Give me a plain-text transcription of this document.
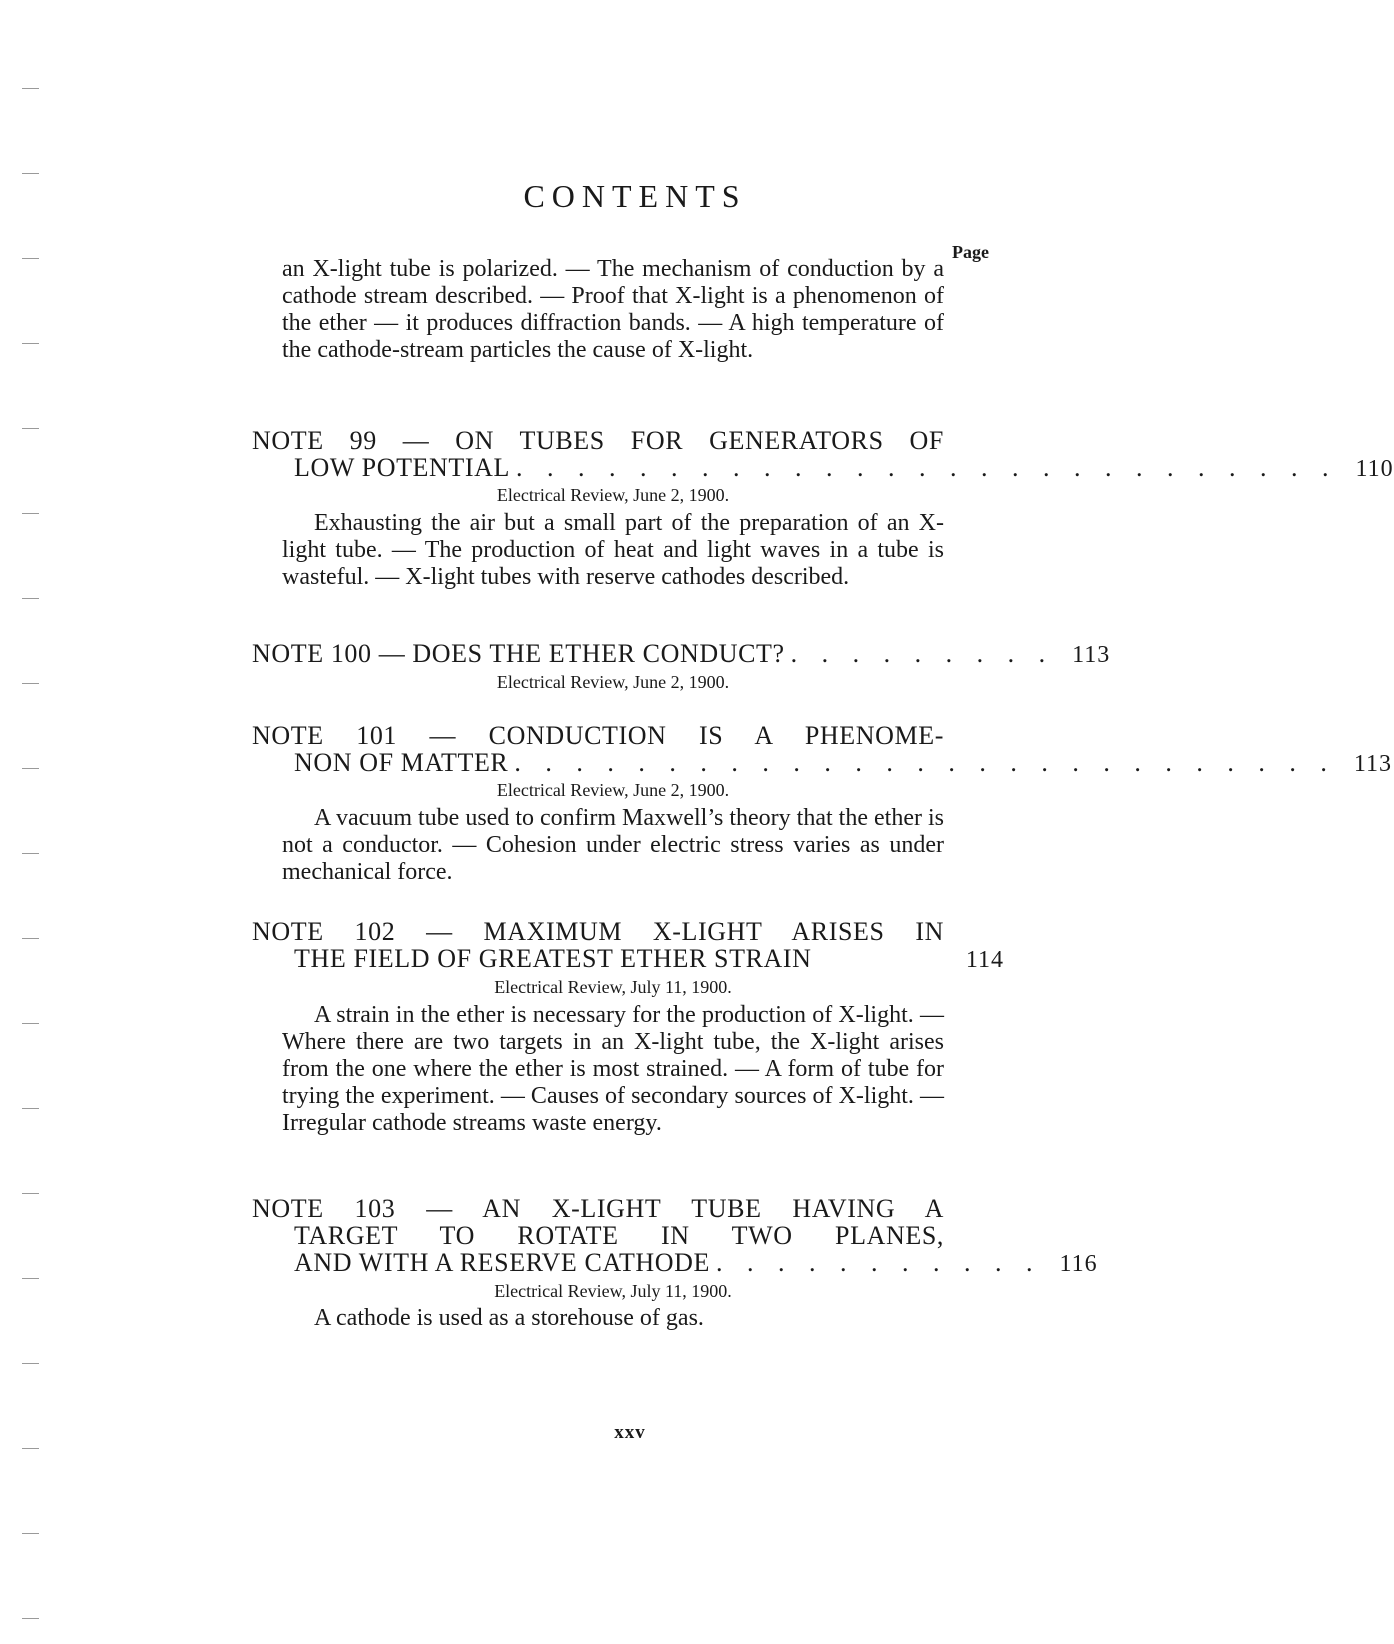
CONTENTS
Page
an X-light tube is polarized. — The mechanism of conduction by a cathode stream described. — Proof that X-light is a phenomenon of the ether — it produces diffraction bands. — A high temperature of the cathode-stream particles the cause of X-light.
NOTE 99 — ON TUBES FOR GENERATORS OF
LOW POTENTIAL . . . . . . . . . . . . . . . . . . . . . . . . . . . 110
Electrical Review, June 2, 1900.
Exhausting the air but a small part of the preparation of an X-light tube. — The production of heat and light waves in a tube is wasteful. — X-light tubes with reserve cathodes described.
NOTE 100 — DOES THE ETHER CONDUCT? . . . . . . . . . 113
Electrical Review, June 2, 1900.
NOTE 101 — CONDUCTION IS A PHENOME-
NON OF MATTER . . . . . . . . . . . . . . . . . . . . . . . . . . . 113
Electrical Review, June 2, 1900.
A vacuum tube used to confirm Maxwell’s theory that the ether is not a conductor. — Cohesion under electric stress varies as under mechanical force.
NOTE 102 — MAXIMUM X-LIGHT ARISES IN
THE FIELD OF GREATEST ETHER STRAIN	114
Electrical Review, July 11, 1900.
A strain in the ether is necessary for the production of X-light. — Where there are two targets in an X-light tube, the X-light arises from the one where the ether is most strained. — A form of tube for trying the experiment. — Causes of secondary sources of X-light. — Irregular cathode streams waste energy.
NOTE 103 — AN X-LIGHT TUBE HAVING A
TARGET TO ROTATE IN TWO PLANES,
AND WITH A RESERVE CATHODE . . . . . . . . . . . 116
Electrical Review, July 11, 1900.
A cathode is used as a storehouse of gas.
xxv
